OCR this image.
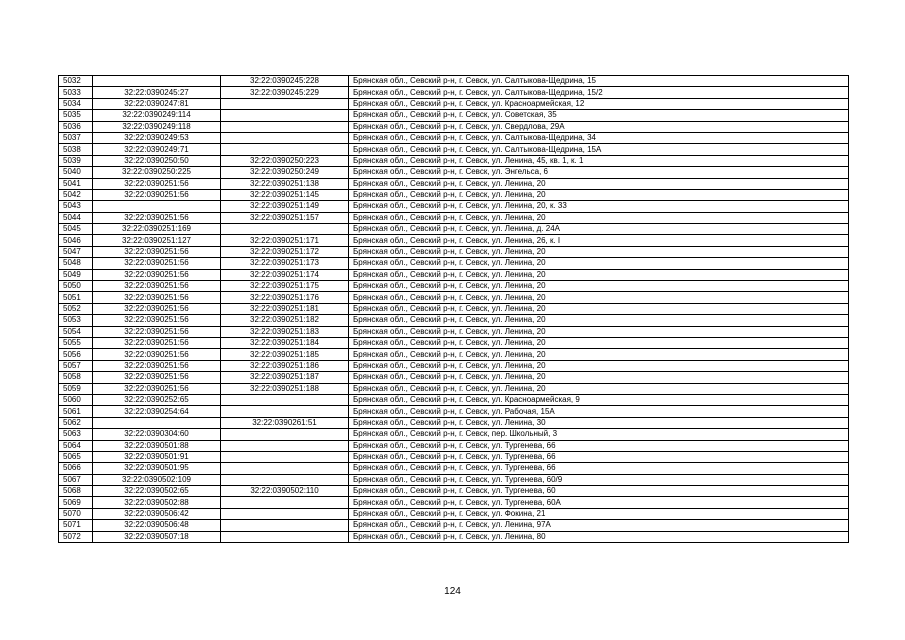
5032		32:22:0390245:228	Брянская обл., Севский р-н, г. Севск, ул. Салтыкова-Щедрина, 15
5033	32:22:0390245:27	32:22:0390245:229	Брянская обл., Севский р-н, г. Севск, ул. Салтыкова-Щедрина, 15/2
5034	32:22:0390247:81		Брянская обл., Севский р-н, г. Севск, ул. Красноармейская, 12
5035	32:22:0390249:114		Брянская обл., Севский р-н, г. Севск, ул. Советская, 35
5036	32:22:0390249:118		Брянская обл., Севский р-н, г. Севск, ул. Свердлова, 29А
5037	32:22:0390249:53		Брянская обл., Севский р-н, г. Севск, ул. Салтыкова-Щедрина, 34
5038	32:22:0390249:71		Брянская обл., Севский р-н, г. Севск, ул. Салтыкова-Щедрина, 15А
5039	32:22:0390250:50	32:22:0390250:223	Брянская обл., Севский р-н, г. Севск, ул. Ленина, 45, кв. 1, к. 1
5040	32:22:0390250:225	32:22:0390250:249	Брянская обл., Севский р-н, г. Севск, ул. Энгельса, 6
5041	32:22:0390251:56	32:22:0390251:138	Брянская обл., Севский р-н, г. Севск, ул. Ленина, 20
5042	32:22:0390251:56	32:22:0390251:145	Брянская обл., Севский р-н, г. Севск, ул. Ленина, 20
5043		32:22:0390251:149	Брянская обл., Севский р-н, г. Севск, ул. Ленина, 20, к. 33
5044	32:22:0390251:56	32:22:0390251:157	Брянская обл., Севский р-н, г. Севск, ул. Ленина, 20
5045	32:22:0390251:169		Брянская обл., Севский р-н, г. Севск, ул. Ленина, д. 24А
5046	32:22:0390251:127	32:22:0390251:171	Брянская обл., Севский р-н, г. Севск, ул. Ленина, 26, к. I
5047	32:22:0390251:56	32:22:0390251:172	Брянская обл., Севский р-н, г. Севск, ул. Ленина, 20
5048	32:22:0390251:56	32:22:0390251:173	Брянская обл., Севский р-н, г. Севск, ул. Ленина, 20
5049	32:22:0390251:56	32:22:0390251:174	Брянская обл., Севский р-н, г. Севск, ул. Ленина, 20
5050	32:22:0390251:56	32:22:0390251:175	Брянская обл., Севский р-н, г. Севск, ул. Ленина, 20
5051	32:22:0390251:56	32:22:0390251:176	Брянская обл., Севский р-н, г. Севск, ул. Ленина, 20
5052	32:22:0390251:56	32:22:0390251:181	Брянская обл., Севский р-н, г. Севск, ул. Ленина, 20
5053	32:22:0390251:56	32:22:0390251:182	Брянская обл., Севский р-н, г. Севск, ул. Ленина, 20
5054	32:22:0390251:56	32:22:0390251:183	Брянская обл., Севский р-н, г. Севск, ул. Ленина, 20
5055	32:22:0390251:56	32:22:0390251:184	Брянская обл., Севский р-н, г. Севск, ул. Ленина, 20
5056	32:22:0390251:56	32:22:0390251:185	Брянская обл., Севский р-н, г. Севск, ул. Ленина, 20
5057	32:22:0390251:56	32:22:0390251:186	Брянская обл., Севский р-н, г. Севск, ул. Ленина, 20
5058	32:22:0390251:56	32:22:0390251:187	Брянская обл., Севский р-н, г. Севск, ул. Ленина, 20
5059	32:22:0390251:56	32:22:0390251:188	Брянская обл., Севский р-н, г. Севск, ул. Ленина, 20
5060	32:22:0390252:65		Брянская обл., Севский р-н, г. Севск, ул. Красноармейская, 9
5061	32:22:0390254:64		Брянская обл., Севский р-н, г. Севск, ул. Рабочая, 15А
5062		32:22:0390261:51	Брянская обл., Севский р-н, г. Севск, ул. Ленина, 30
5063	32:22:0390304:60		Брянская обл., Севский р-н, г. Севск, пер. Школьный, 3
5064	32:22:0390501:88		Брянская обл., Севский р-н, г. Севск, ул. Тургенева, 66
5065	32:22:0390501:91		Брянская обл., Севский р-н, г. Севск, ул. Тургенева, 66
5066	32:22:0390501:95		Брянская обл., Севский р-н, г. Севск, ул. Тургенева, 66
5067	32:22:0390502:109		Брянская обл., Севский р-н, г. Севск, ул. Тургенева, 60/9
5068	32:22:0390502:65	32:22:0390502:110	Брянская обл., Севский р-н, г. Севск, ул. Тургенева, 60
5069	32:22:0390502:88		Брянская обл., Севский р-н, г. Севск, ул. Тургенева, 60А
5070	32:22:0390506:42		Брянская обл., Севский р-н, г. Севск, ул. Фокина, 21
5071	32:22:0390506:48		Брянская обл., Севский р-н, г. Севск, ул. Ленина, 97А
5072	32:22:0390507:18		Брянская обл., Севский р-н, г. Севск, ул. Ленина, 80
124
